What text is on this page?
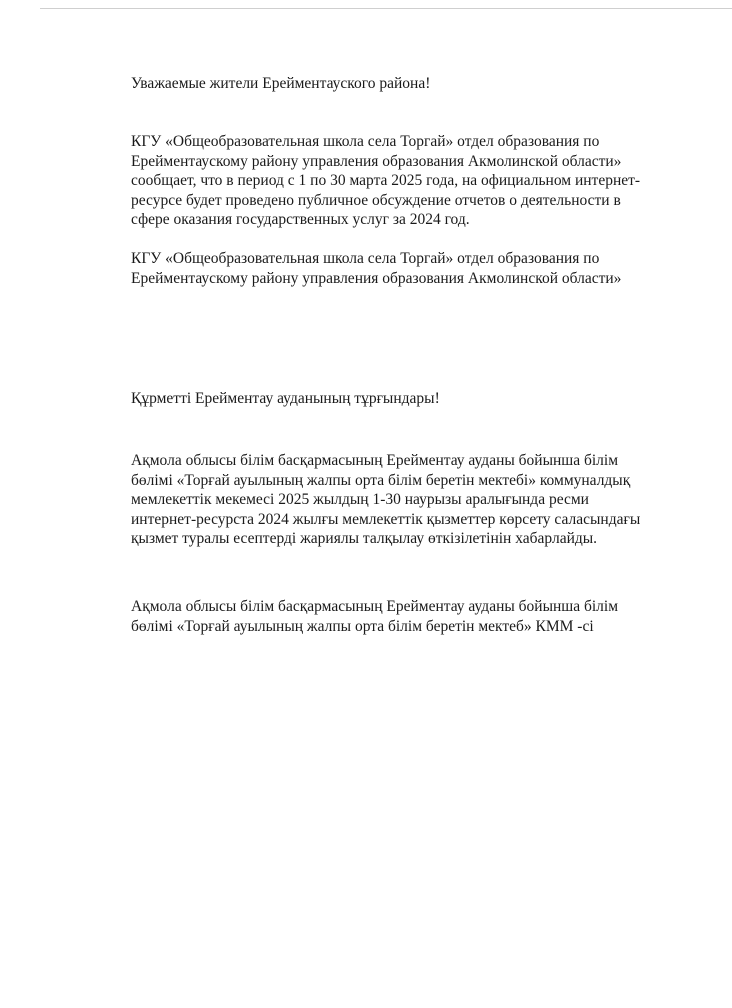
Уважаемые жители Ерейментауского района!

КГУ «Общеобразовательная школа села Торгай» отдел образования по
Ерейментаускому району управления образования Акмолинской области»
сообщает, что в период с 1 по 30 марта 2025 года, на официальном интернет-
ресурсе будет проведено публичное обсуждение отчетов о деятельности в
сфере оказания государственных услуг за 2024 год.

КГУ «Общеобразовательная школа села Торгай» отдел образования по
Ерейментаускому району управления образования Акмолинской области»

Құрметті Ерейментау ауданының тұрғындары!

Ақмола облысы білім басқармасының Ерейментау ауданы бойынша білім
бөлімі «Торғай ауылының жалпы орта білім беретін мектебі» коммуналдық
мемлекеттік мекемесі 2025 жылдың 1-30 наурызы аралығында ресми
интернет-ресурста 2024 жылғы мемлекеттік қызметтер көрсету саласындағы
қызмет туралы есептерді жариялы талқылау өткізілетінін хабарлайды.

Ақмола облысы білім басқармасының Ерейментау ауданы бойынша білім
бөлімі «Торғай ауылының жалпы орта білім беретін мектеб» КММ -сі
